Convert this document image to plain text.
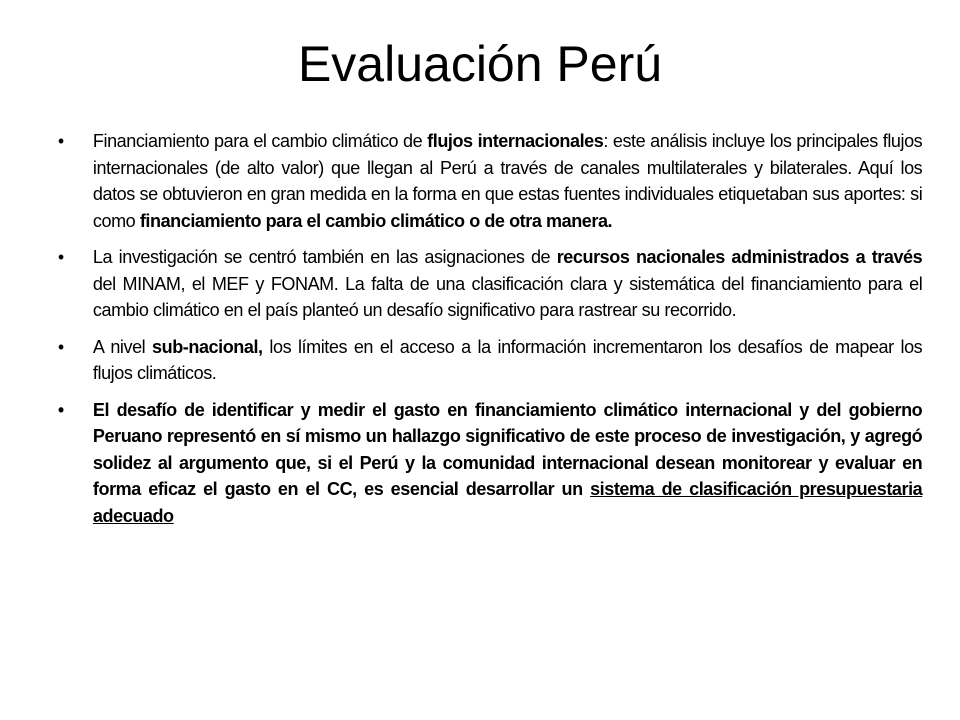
Evaluación Perú
• Financiamiento para el cambio climático de flujos internacionales: este análisis incluye los principales flujos internacionales (de alto valor) que llegan al Perú a través de canales multilaterales y bilaterales. Aquí los datos se obtuvieron en gran medida en la forma en que estas fuentes individuales etiquetaban sus aportes: si como financiamiento para el cambio climático o de otra manera.
• La investigación se centró también en las asignaciones de recursos nacionales administrados a través del MINAM, el MEF y FONAM. La falta de una clasificación clara y sistemática del financiamiento para el cambio climático en el país planteó un desafío significativo para rastrear su recorrido.
• A nivel sub-nacional, los límites en el acceso a la información incrementaron los desafíos de mapear los flujos climáticos.
• El desafío de identificar y medir el gasto en financiamiento climático internacional y del gobierno Peruano representó en sí mismo un hallazgo significativo de este proceso de investigación, y agregó solidez al argumento que, si el Perú y la comunidad internacional desean monitorear y evaluar en forma eficaz el gasto en el CC, es esencial desarrollar un sistema de clasificación presupuestaria adecuado
